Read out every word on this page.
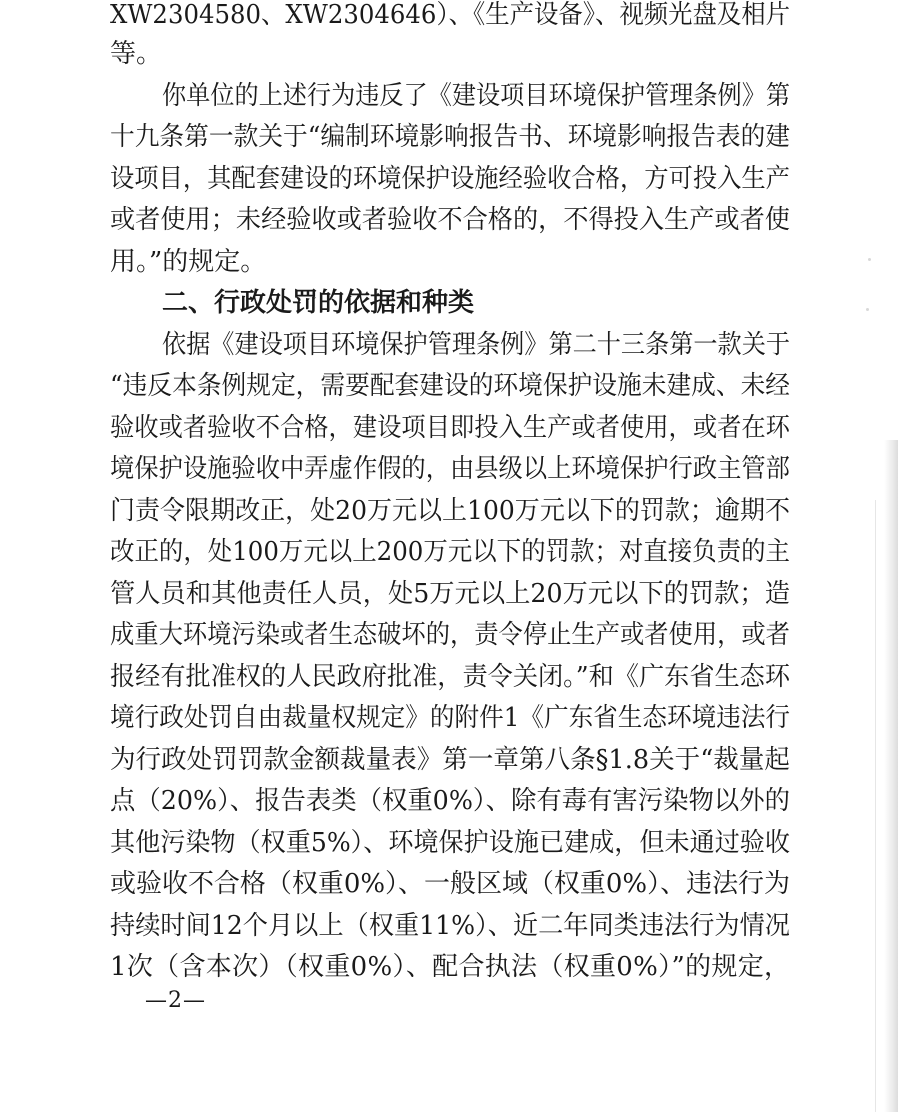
XW2304580、XW2304646）、《生产设备》、视频光盘及相片
等。
你单位的上述行为违反了《建设项目环境保护管理条例》第
十九条第一款关于“编制环境影响报告书、环境影响报告表的建
设项目，其配套建设的环境保护设施经验收合格，方可投入生产
或者使用；未经验收或者验收不合格的，不得投入生产或者使
用。”的规定。
二、行政处罚的依据和种类
依据《建设项目环境保护管理条例》第二十三条第一款关于
“违反本条例规定，需要配套建设的环境保护设施未建成、未经
验收或者验收不合格，建设项目即投入生产或者使用，或者在环
境保护设施验收中弄虚作假的，由县级以上环境保护行政主管部
门责令限期改正，处20万元以上100万元以下的罚款；逾期不
改正的，处100万元以上200万元以下的罚款；对直接负责的主
管人员和其他责任人员，处5万元以上20万元以下的罚款；造
成重大环境污染或者生态破坏的，责令停止生产或者使用，或者
报经有批准权的人民政府批准，责令关闭。”和《广东省生态环
境行政处罚自由裁量权规定》的附件1《广东省生态环境违法行
为行政处罚罚款金额裁量表》第一章第八条§1.8关于“裁量起
点（20%）、报告表类（权重0%）、除有毒有害污染物以外的
其他污染物（权重5%）、环境保护设施已建成，但未通过验收
或验收不合格（权重0%）、一般区域（权重0%）、违法行为
持续时间12个月以上（权重11%）、近二年同类违法行为情况
1次（含本次）（权重0%）、配合执法（权重0%）”的规定，
—2—
